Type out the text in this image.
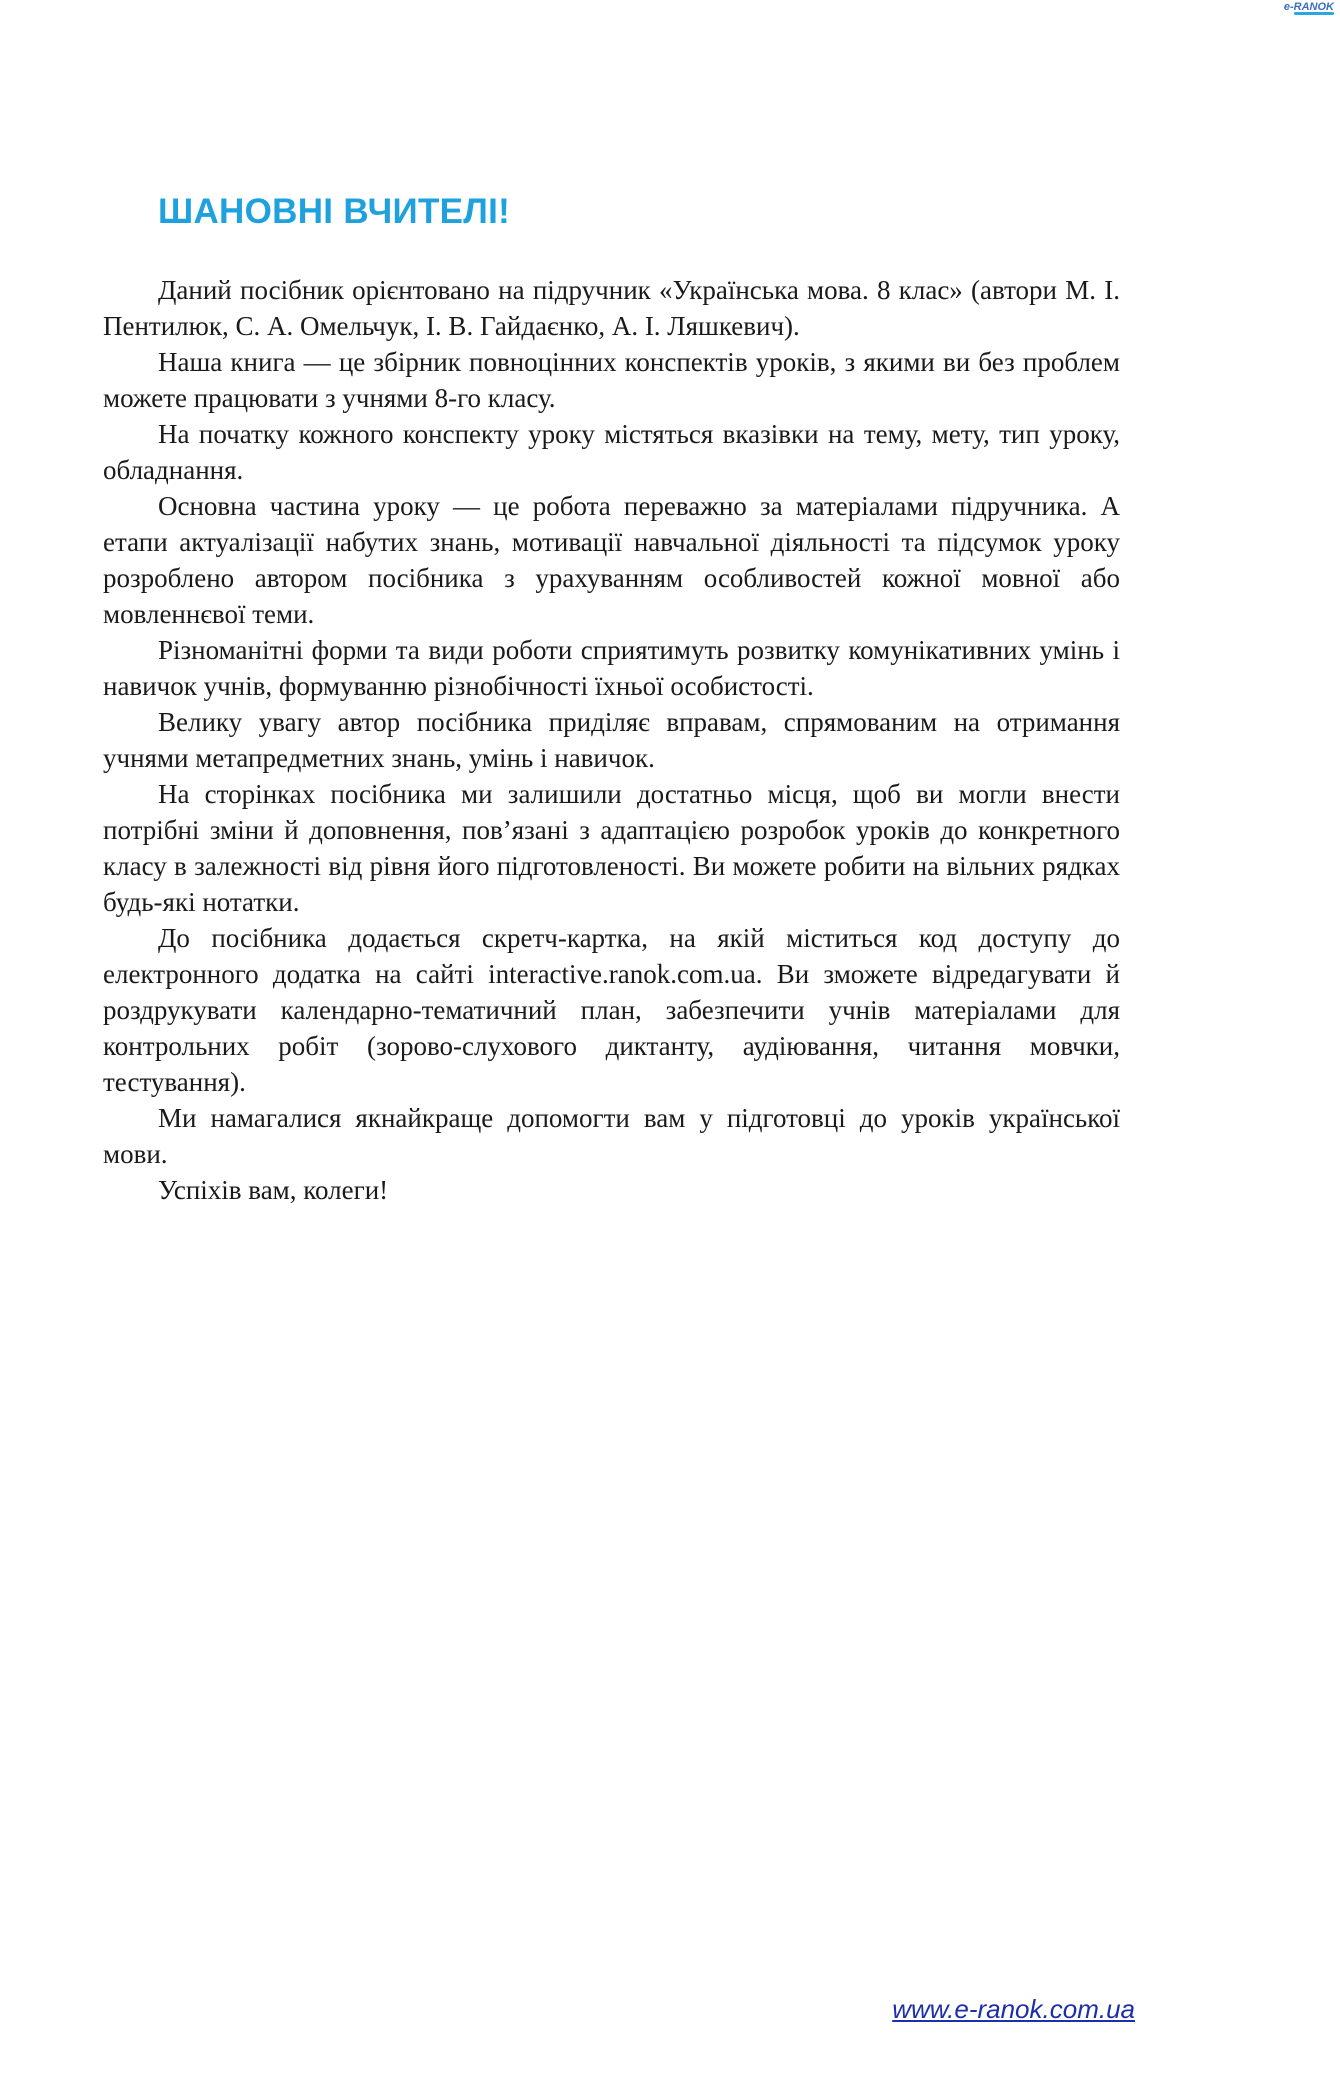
e-RANOK
ШАНОВНІ ВЧИТЕЛІ!

Даний посібник орієнтовано на підручник «Українська мова. 8 клас» (автори М. І. Пентилюк, С. А. Омельчук, І. В. Гайдаєнко, А. І. Ляшкевич).

Наша книга — це збірник повноцінних конспектів уроків, з якими ви без проблем можете працювати з учнями 8-го класу.

На початку кожного конспекту уроку містяться вказівки на тему, мету, тип уроку, обладнання.

Основна частина уроку — це робота переважно за матеріалами підручника. А етапи актуалізації набутих знань, мотивації навчальної діяльності та підсумок уроку розроблено автором посібника з урахуванням особливостей кожної мовної або мовленнєвої теми.

Різноманітні форми та види роботи сприятимуть розвитку комунікативних умінь і навичок учнів, формуванню різнобічності їхньої особистості.

Велику увагу автор посібника приділяє вправам, спрямованим на отримання учнями метапредметних знань, умінь і навичок.

На сторінках посібника ми залишили достатньо місця, щоб ви могли внести потрібні зміни й доповнення, пов’язані з адаптацією розробок уроків до конкретного класу в залежності від рівня його підготовленості. Ви можете робити на вільних рядках будь-які нотатки.

До посібника додається скретч-картка, на якій міститься код доступу до електронного додатка на сайті interactive.ranok.com.ua. Ви зможете відредагувати й роздрукувати календарно-тематичний план, забезпечити учнів матеріалами для контрольних робіт (зорово-слухового диктанту, аудіювання, читання мовчки, тестування).

Ми намагалися якнайкраще допомогти вам у підготовці до уроків української мови.

Успіхів вам, колеги!

www.e-ranok.com.ua
